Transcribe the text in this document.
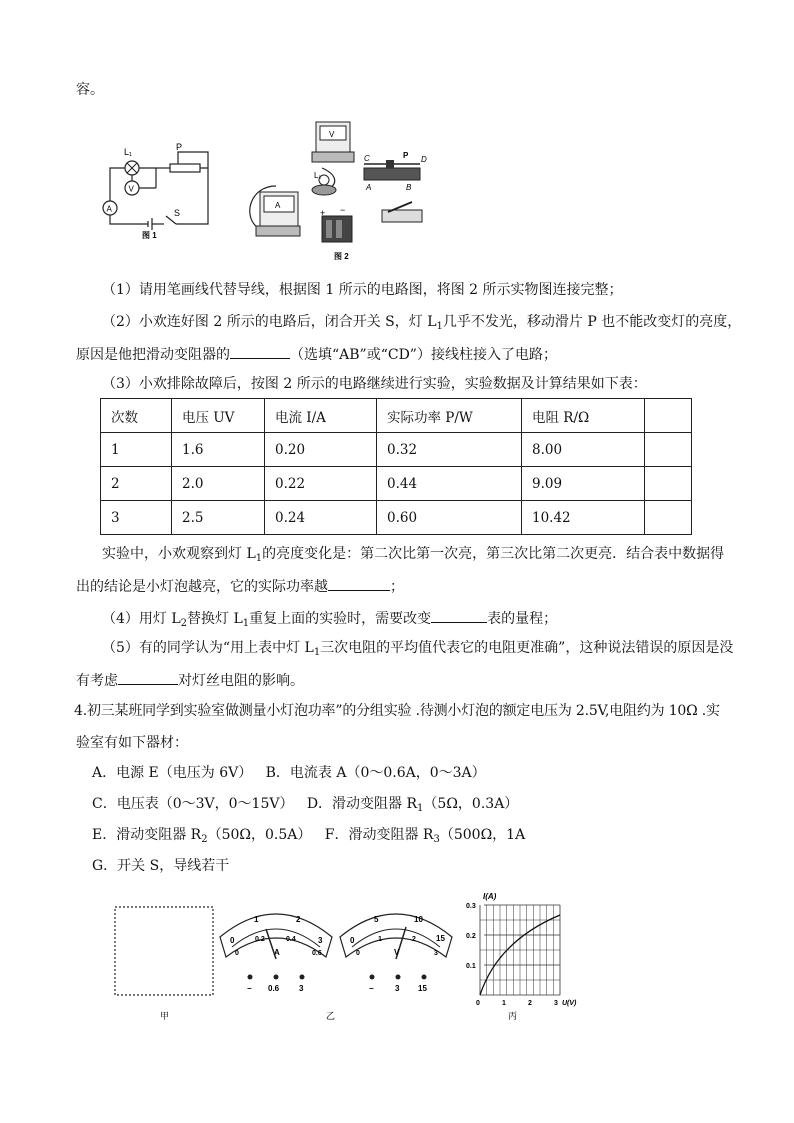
容。
L₁	P
S
A
V
图 1
V
L₁
C	P D
A	B
A
+ −
图 2
（1）请用笔画线代替导线，根据图 1 所示的电路图，将图 2 所示实物图连接完整；
（2）小欢连好图 2 所示的电路后，闭合开关 S，灯 $L_1$几乎不发光，移动滑片 P 也不能改变灯的亮度，
原因是他把滑动变阻器的	（选填“AB”或“CD”）接线柱接入了电路；
（3）小欢排除故障后，按图 2 所示的电路继续进行实验，实验数据及计算结果如下表：
次数	电压 UV	电流 I/A	实际功率 P/W	电阻 R/Ω	
1	1.6	0.20	0.32	8.00	
2	2.0	0.22	0.44	9.09	
3	2.5	0.24	0.60	10.42	
实验中，小欢观察到灯 $L_1$的亮度变化是：第二次比第一次亮，第三次比第二次更亮．结合表中数据得
出的结论是小灯泡越亮，它的实际功率越	；
（4）用灯 $L_2$替换灯 $L_1$重复上面的实验时，需要改变	表的量程；
（5）有的同学认为“用上表中灯 $L_1$三次电阻的平均值代表它的电阻更准确”，这种说法错误的原因是没
有考虑	对灯丝电阻的影响。
4.初三某班同学到实验室做测量小灯泡功率”的分组实验 .待测小灯泡的额定电压为 2.5V,电阻约为 10Ω .实
验室有如下器材：
A．电源 E（电压为 6V） B．电流表 A（0～0.6A，0～3A）
C．电压表（0～3V，0～15V） D．滑动变阻器 $R_1(5\Omega$，0.3A）
E．滑动变阻器 $R_2(50\Omega$，0.5A） F．滑动变阻器 $R_3(500\Omega$，1A
G．开关 S，导线若干
甲
0
1	2
3
0
0.2	0.4
0.6
A
− 0.6 3
0
5	10
15
0
1	2
3
V
−	3 15
乙
I(A)
0.3
0.2
0.1
0	1	2	3 U(V)
丙
